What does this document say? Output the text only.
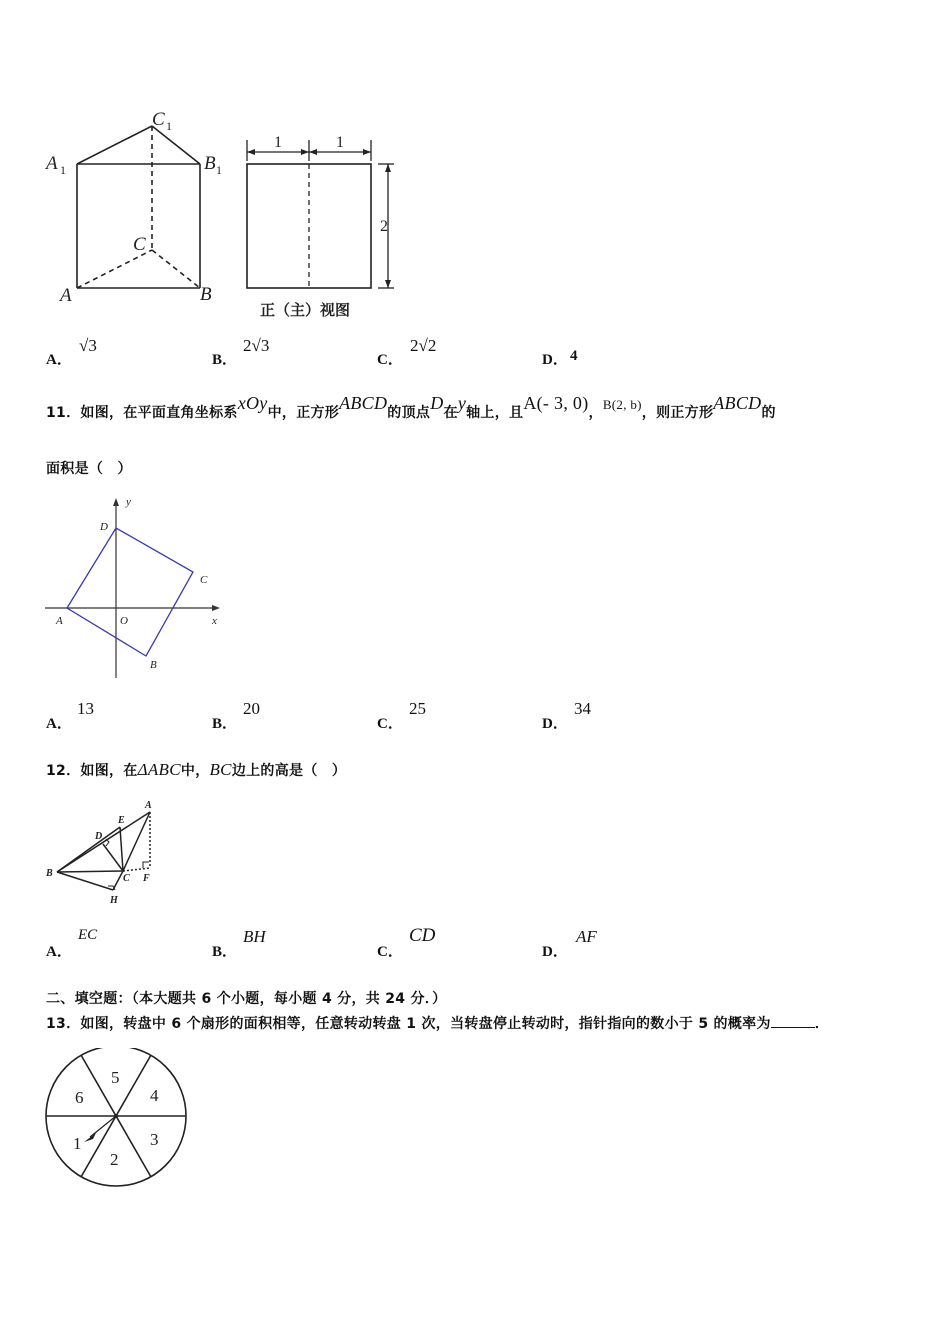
A 1	B 1
C 1
C
A	B
1	1
2
正（主）视图
A．
√3
B．
2√3
C．
2√2
D． 4
11．如图，在平面直角坐标系xOy中，正方形ABCD的顶点D在y轴上，且A(- 3, 0)，B(2, b)，则正方形ABCD的
面积是（　）
y
x
O
A
B
C
D
A．
13
B．
20
C．
25
D．
34
12．如图，在ΔABC中，BC边上的高是（　）
A
B	C
D
E
F
H
A．
EC
B．
BH
C．
CD
D．
AF
二、填空题：（本大题共 6 个小题，每小题 4 分，共 24 分．）
13．如图，转盘中 6 个扇形的面积相等，任意转动转盘 1 次，当转盘停止转动时，指针指向的数小于 5 的概率为	．
5
4
3
2
1
6
